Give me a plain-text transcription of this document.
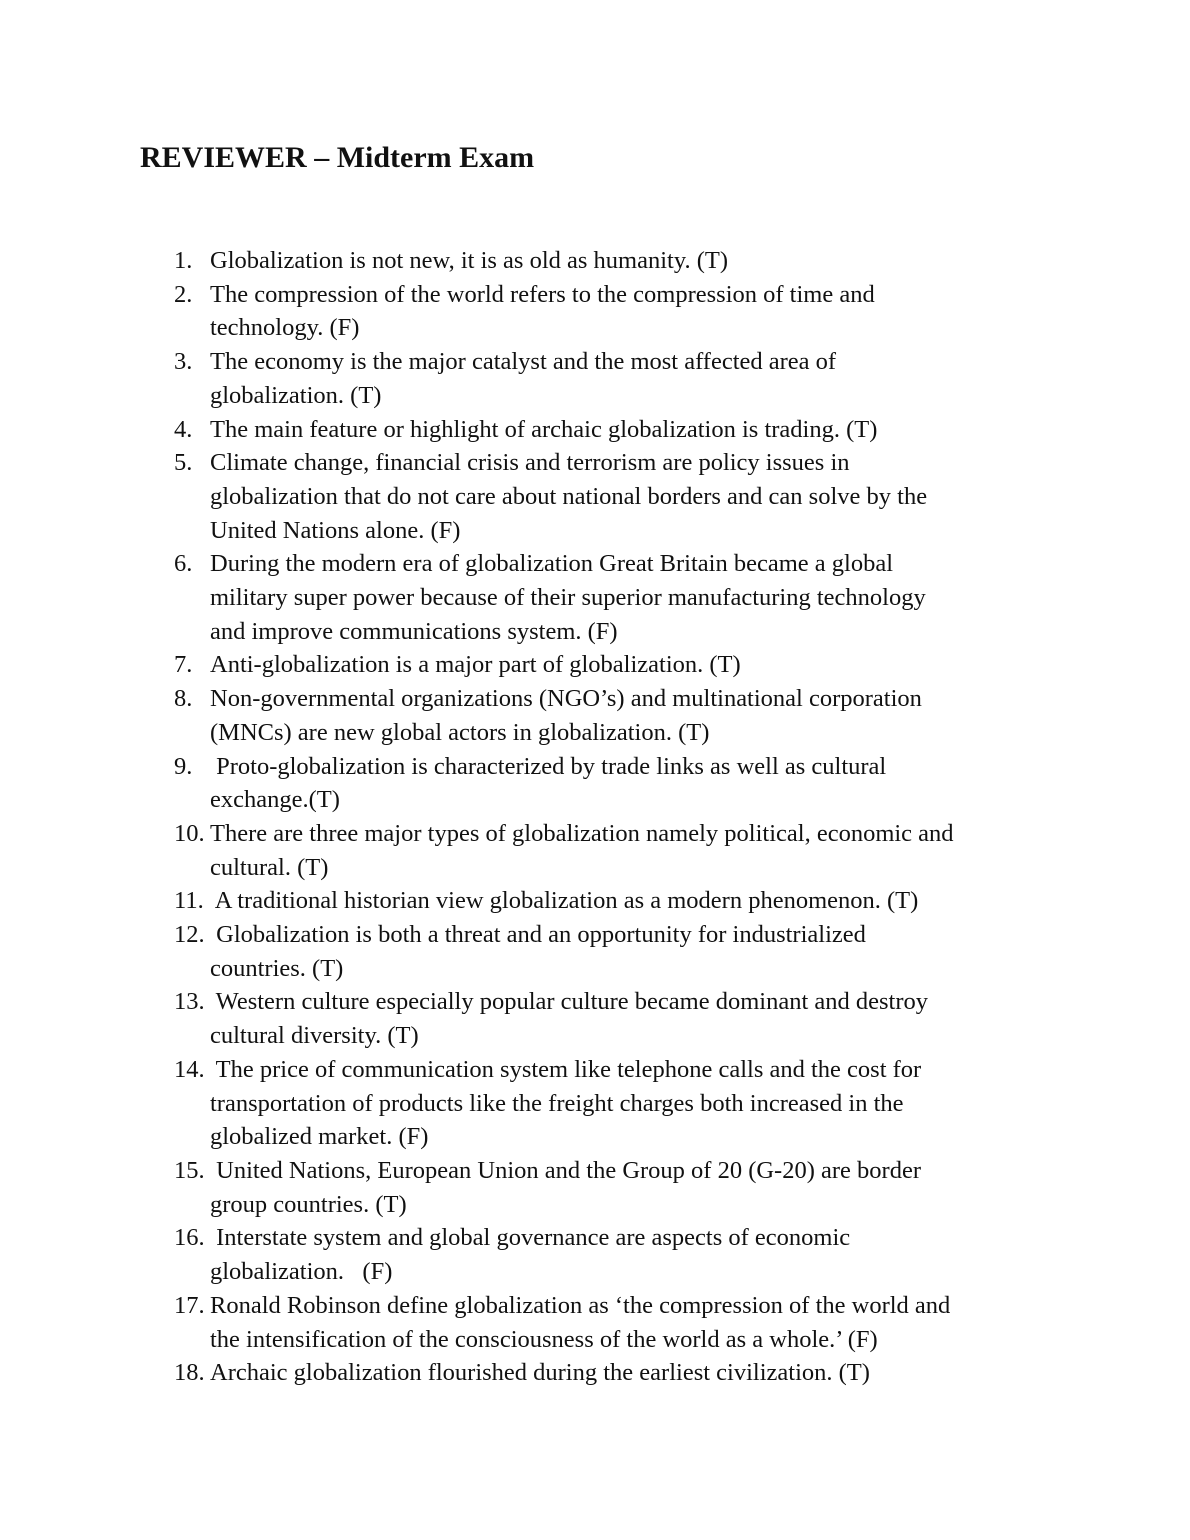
REVIEWER – Midterm Exam
1. Globalization is not new, it is as old as humanity. (T)
2. The compression of the world refers to the compression of time and
technology. (F)
3. The economy is the major catalyst and the most affected area of
globalization. (T)
4. The main feature or highlight of archaic globalization is trading. (T)
5. Climate change, financial crisis and terrorism are policy issues in
globalization that do not care about national borders and can solve by the
United Nations alone. (F)
6. During the modern era of globalization Great Britain became a global
military super power because of their superior manufacturing technology
and improve communications system. (F)
7. Anti-globalization is a major part of globalization. (T)
8. Non-governmental organizations (NGO’s) and multinational corporation
(MNCs) are new global actors in globalization. (T)
9. Proto-globalization is characterized by trade links as well as cultural
exchange.(T)
10. There are three major types of globalization namely political, economic and
cultural. (T)
11. A traditional historian view globalization as a modern phenomenon. (T)
12. Globalization is both a threat and an opportunity for industrialized
countries. (T)
13. Western culture especially popular culture became dominant and destroy
cultural diversity. (T)
14. The price of communication system like telephone calls and the cost for
transportation of products like the freight charges both increased in the
globalized market. (F)
15. United Nations, European Union and the Group of 20 (G-20) are border
group countries. (T)
16. Interstate system and global governance are aspects of economic
globalization.   (F)
17. Ronald Robinson define globalization as ‘the compression of the world and
the intensification of the consciousness of the world as a whole.’ (F)
18. Archaic globalization flourished during the earliest civilization. (T)
